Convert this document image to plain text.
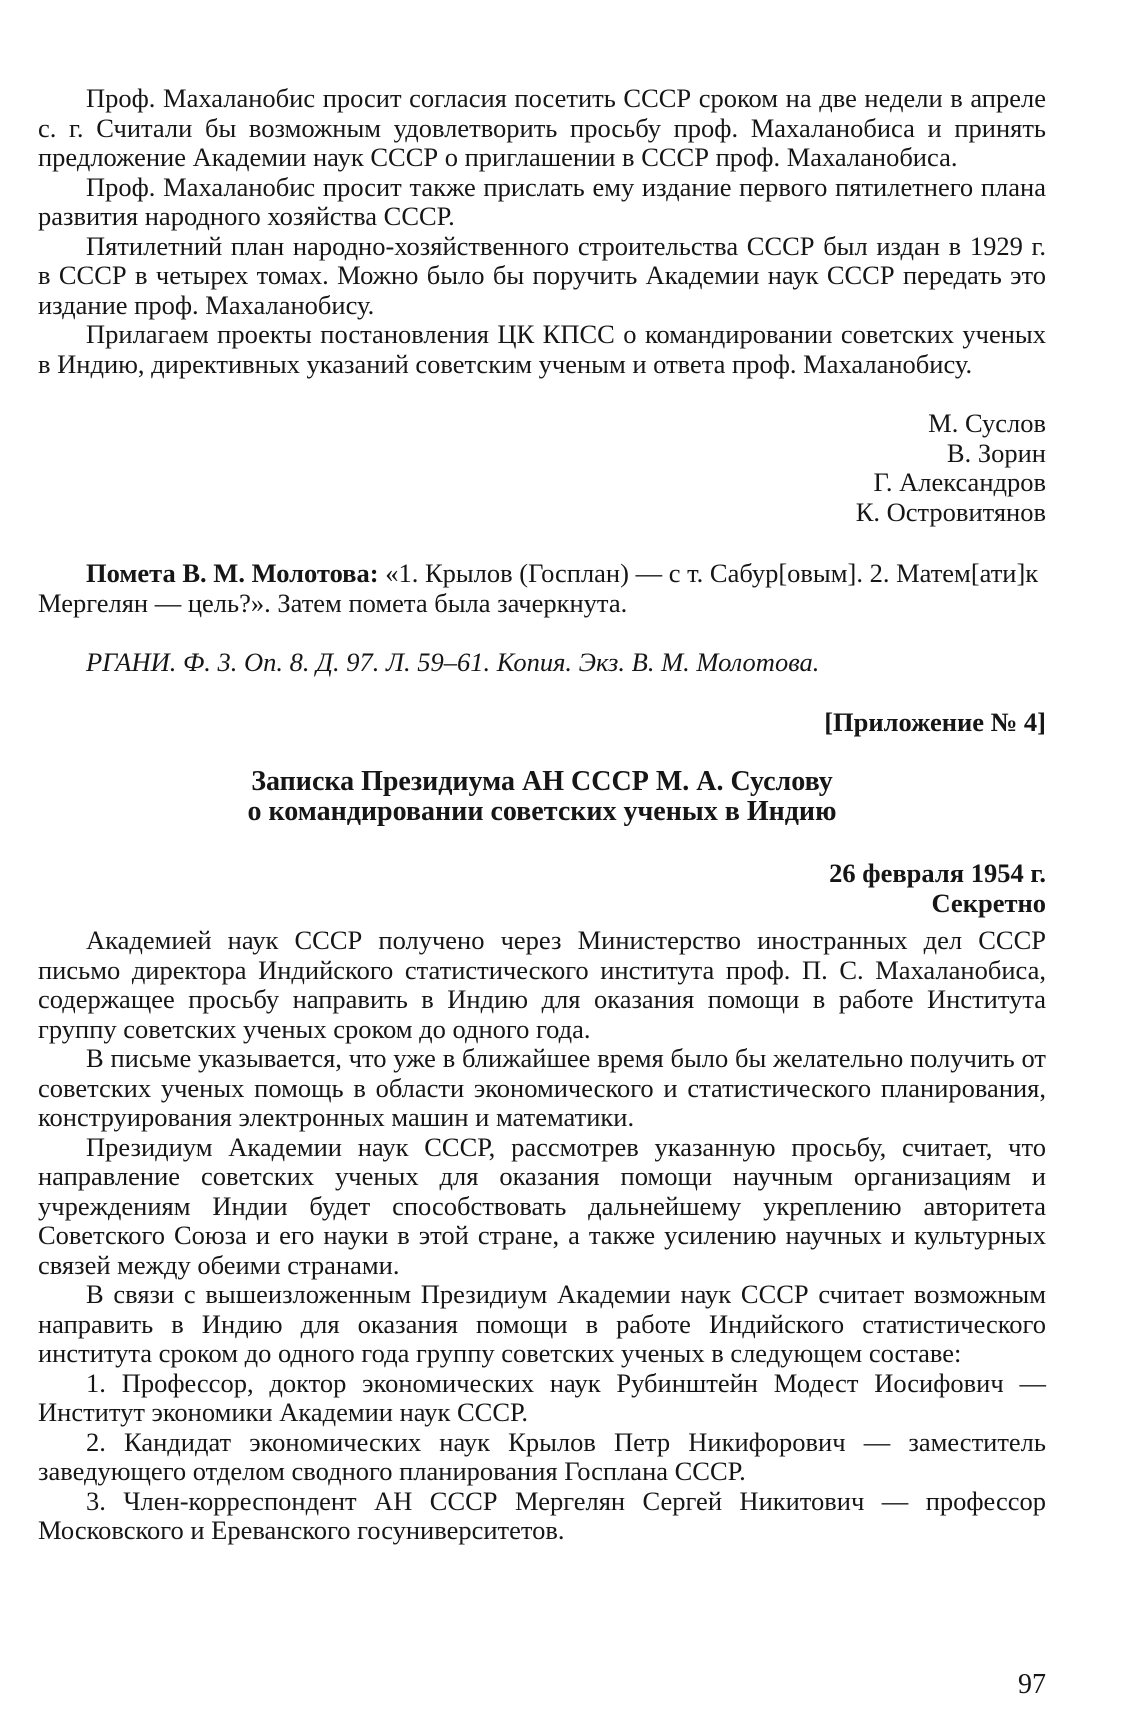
Проф. Махаланобис просит согласия посетить СССР сроком на две недели в апреле с. г. Считали бы возможным удовлетворить просьбу проф. Махаланобиса и принять предложение Академии наук СССР о приглашении в СССР проф. Махаланобиса.

Проф. Махаланобис просит также прислать ему издание первого пятилетнего плана развития народного хозяйства СССР.

Пятилетний план народно-хозяйственного строительства СССР был издан в 1929 г. в СССР в четырех томах. Можно было бы поручить Академии наук СССР передать это издание проф. Махаланобису.

Прилагаем проекты постановления ЦК КПСС о командировании советских ученых в Индию, директивных указаний советским ученым и ответа проф. Махаланобису.

М. Суслов

В. Зорин

Г. Александров

К. Островитянов

Помета В. М. Молотова: «1. Крылов (Госплан) — с т. Сабур[овым]. 2. Матем[ати]к Мергелян — цель?». Затем помета была зачеркнута.

РГАНИ. Ф. 3. Оп. 8. Д. 97. Л. 59–61. Копия. Экз. В. М. Молотова.

[Приложение № 4]

Записка Президиума АН СССР М. А. Суслову
о командировании советских ученых в Индию
26 февраля 1954 г.
Секретно

Академией наук СССР получено через Министерство иностранных дел СССР письмо директора Индийского статистического института проф. П. С. Махаланобиса, содержащее просьбу направить в Индию для оказания помощи в работе Института группу советских ученых сроком до одного года.

В письме указывается, что уже в ближайшее время было бы желательно получить от советских ученых помощь в области экономического и статистического планирования, конструирования электронных машин и математики.

Президиум Академии наук СССР, рассмотрев указанную просьбу, считает, что направление советских ученых для оказания помощи научным организациям и учреждениям Индии будет способствовать дальнейшему укреплению авторитета Советского Союза и его науки в этой стране, а также усилению научных и культурных связей между обеими странами.

В связи с вышеизложенным Президиум Академии наук СССР считает возможным направить в Индию для оказания помощи в работе Индийского статистического института сроком до одного года группу советских ученых в следующем составе:

1. Профессор, доктор экономических наук Рубинштейн Модест Иосифович — Институт экономики Академии наук СССР.

2. Кандидат экономических наук Крылов Петр Никифорович — заместитель заведующего отделом сводного планирования Госплана СССР.

3. Член-корреспондент АН СССР Мергелян Сергей Никитович — профессор Московского и Ереванского госуниверситетов.

97
